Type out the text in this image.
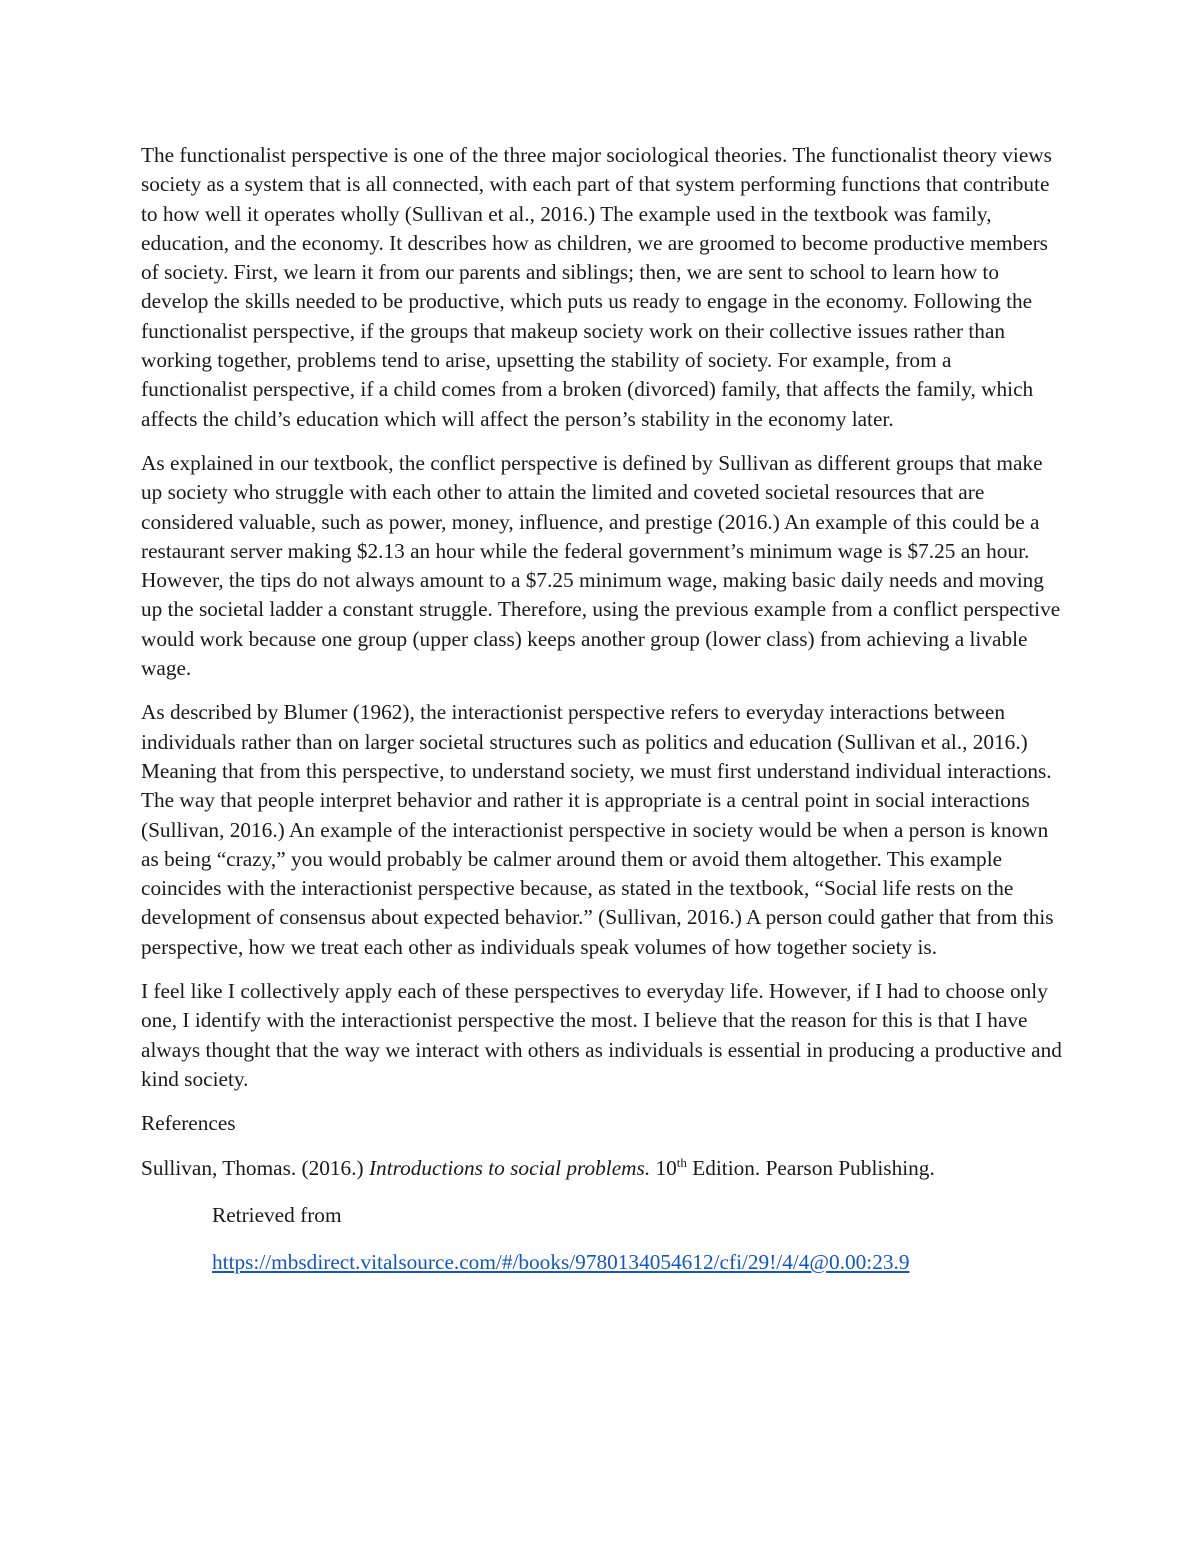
The functionalist perspective is one of the three major sociological theories. The functionalist theory views society as a system that is all connected, with each part of that system performing functions that contribute to how well it operates wholly (Sullivan et al., 2016.) The example used in the textbook was family, education, and the economy. It describes how as children, we are groomed to become productive members of society. First, we learn it from our parents and siblings; then, we are sent to school to learn how to develop the skills needed to be productive, which puts us ready to engage in the economy. Following the functionalist perspective, if the groups that makeup society work on their collective issues rather than working together, problems tend to arise, upsetting the stability of society. For example, from a functionalist perspective, if a child comes from a broken (divorced) family, that affects the family, which affects the child’s education which will affect the person’s stability in the economy later.

As explained in our textbook, the conflict perspective is defined by Sullivan as different groups that make up society who struggle with each other to attain the limited and coveted societal resources that are considered valuable, such as power, money, influence, and prestige (2016.) An example of this could be a restaurant server making $2.13 an hour while the federal government’s minimum wage is $7.25 an hour. However, the tips do not always amount to a $7.25 minimum wage, making basic daily needs and moving up the societal ladder a constant struggle. Therefore, using the previous example from a conflict perspective would work because one group (upper class) keeps another group (lower class) from achieving a livable wage.

As described by Blumer (1962), the interactionist perspective refers to everyday interactions between individuals rather than on larger societal structures such as politics and education (Sullivan et al., 2016.) Meaning that from this perspective, to understand society, we must first understand individual interactions. The way that people interpret behavior and rather it is appropriate is a central point in social interactions (Sullivan, 2016.) An example of the interactionist perspective in society would be when a person is known as being “crazy,” you would probably be calmer around them or avoid them altogether. This example coincides with the interactionist perspective because, as stated in the textbook, “Social life rests on the development of consensus about expected behavior.” (Sullivan, 2016.) A person could gather that from this perspective, how we treat each other as individuals speak volumes of how together society is.

I feel like I collectively apply each of these perspectives to everyday life. However, if I had to choose only one, I identify with the interactionist perspective the most. I believe that the reason for this is that I have always thought that the way we interact with others as individuals is essential in producing a productive and kind society.

References
Sullivan, Thomas. (2016.) Introductions to social problems. 10th Edition. Pearson Publishing.
Retrieved from
https://mbsdirect.vitalsource.com/#/books/9780134054612/cfi/29!/4/4@0.00:23.9
